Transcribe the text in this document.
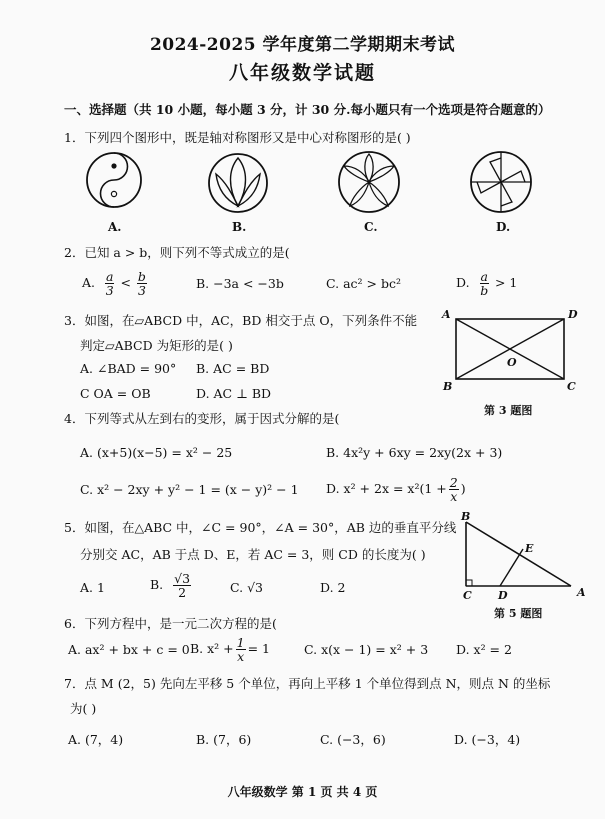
2024-2025 学年度第二学期期末考试
八年级数学试题
一、选择题（共 10 小题，每小题 3 分，计 30 分.每小题只有一个选项是符合题意的）
1．下列四个图形中，既是轴对称图形又是中心对称图形的是( )
A.	B.	C.	D.
2．已知 a > b，则下列不等式成立的是(
A. $\frac{a}{3} < \frac{b}{3}$	B. −3a < −3b	C. ac² > bc²	D. $\frac{a}{b} > 1$
3．如图，在▱ABCD 中，AC，BD 相交于点 O，下列条件不能
判定▱ABCD 为矩形的是( )
A. ∠BAD = 90° B. AC = BD
C OA = OB	D. AC ⊥ BD
A	D
B	C
O
第 3 题图
4．下列等式从左到右的变形，属于因式分解的是(
A. (x+5)(x−5) = x² − 25	B. 4x²y + 6xy = 2xy(2x + 3)
C. x² − 2xy + y² − 1 = (x − y)² − 1 D. $x^2 + 2x = x^2(1 + \frac{2}{x}$ )
5．如图，在△ABC 中，∠C = 90°，∠A = 30°，AB 边的垂直平分线
分别交 AC，AB 于点 D、E，若 AC = 3，则 CD 的长度为( )
A. 1	B. $\frac{√3}{2}$	C. √3	D. 2
B
E
C D	A
第 5 题图
6．下列方程中，是一元二次方程的是(
A. ax² + bx + c = 0 B. $x^2 + \frac{1}{x} = 1$	C. x(x − 1) = x² + 3 D. x² = 2
7．点 M (2，5) 先向左平移 5 个单位，再向上平移 1 个单位得到点 N，则点 N 的坐标
为( )
A. (7，4)	B. (7，6)	C. (−3，6)	D. (−3，4)
八年级数学 第 1 页 共 4 页
